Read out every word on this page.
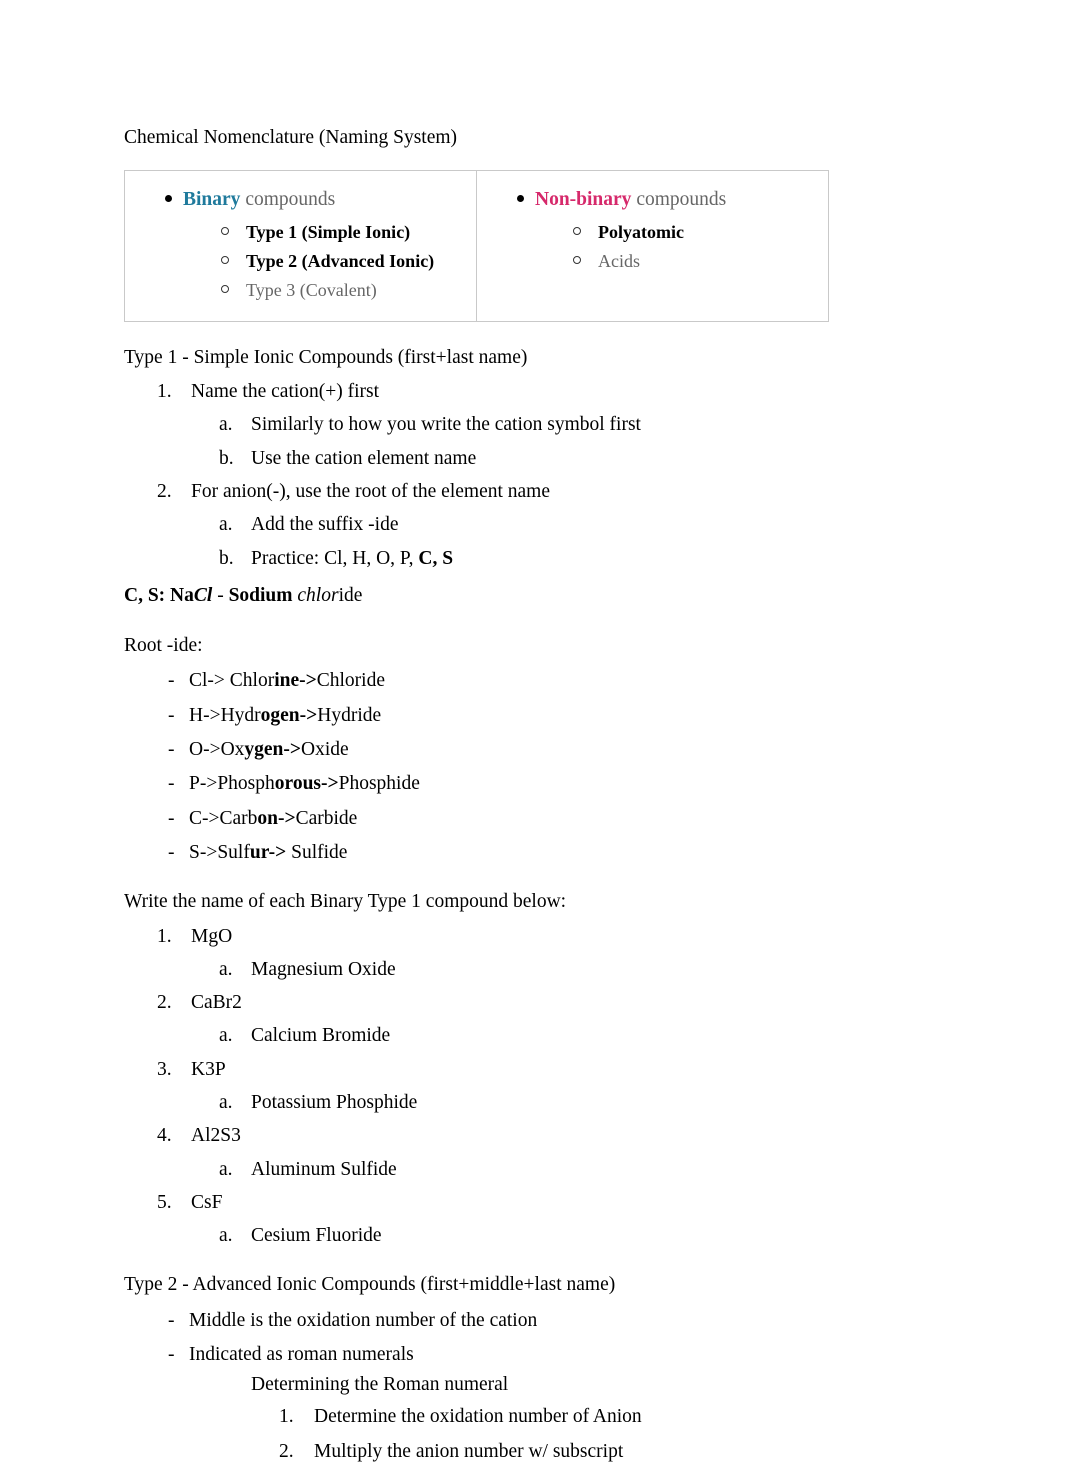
Chemical Nomenclature (Naming System)
Binary compounds
Type 1 (Simple Ionic)
Type 2 (Advanced Ionic)
Type 3 (Covalent)

Non-binary compounds
Polyatomic
Acids
Type 1 - Simple Ionic Compounds (first+last name)
1. Name the cation(+) first
a. Similarly to how you write the cation symbol first
b. Use the cation element name
2. For anion(-), use the root of the element name
a. Add the suffix -ide
b. Practice: Cl, H, O, P, C, S
C, S: NaCl - Sodium chloride
Root -ide:
- Cl-> Chlorine->Chloride
- H->Hydrogen->Hydride
- O->Oxygen->Oxide
- P->Phosphorous->Phosphide
- C->Carbon->Carbide
- S->Sulfur-> Sulfide
Write the name of each Binary Type 1 compound below:
1. MgO
a. Magnesium Oxide
2. CaBr2
a. Calcium Bromide
3. K3P
a. Potassium Phosphide
4. Al2S3
a. Aluminum Sulfide
5. CsF
a. Cesium Fluoride
Type 2 - Advanced Ionic Compounds (first+middle+last name)
- Middle is the oxidation number of the cation
- Indicated as roman numerals
Determining the Roman numeral
1. Determine the oxidation number of Anion
2. Multiply the anion number w/ subscript
